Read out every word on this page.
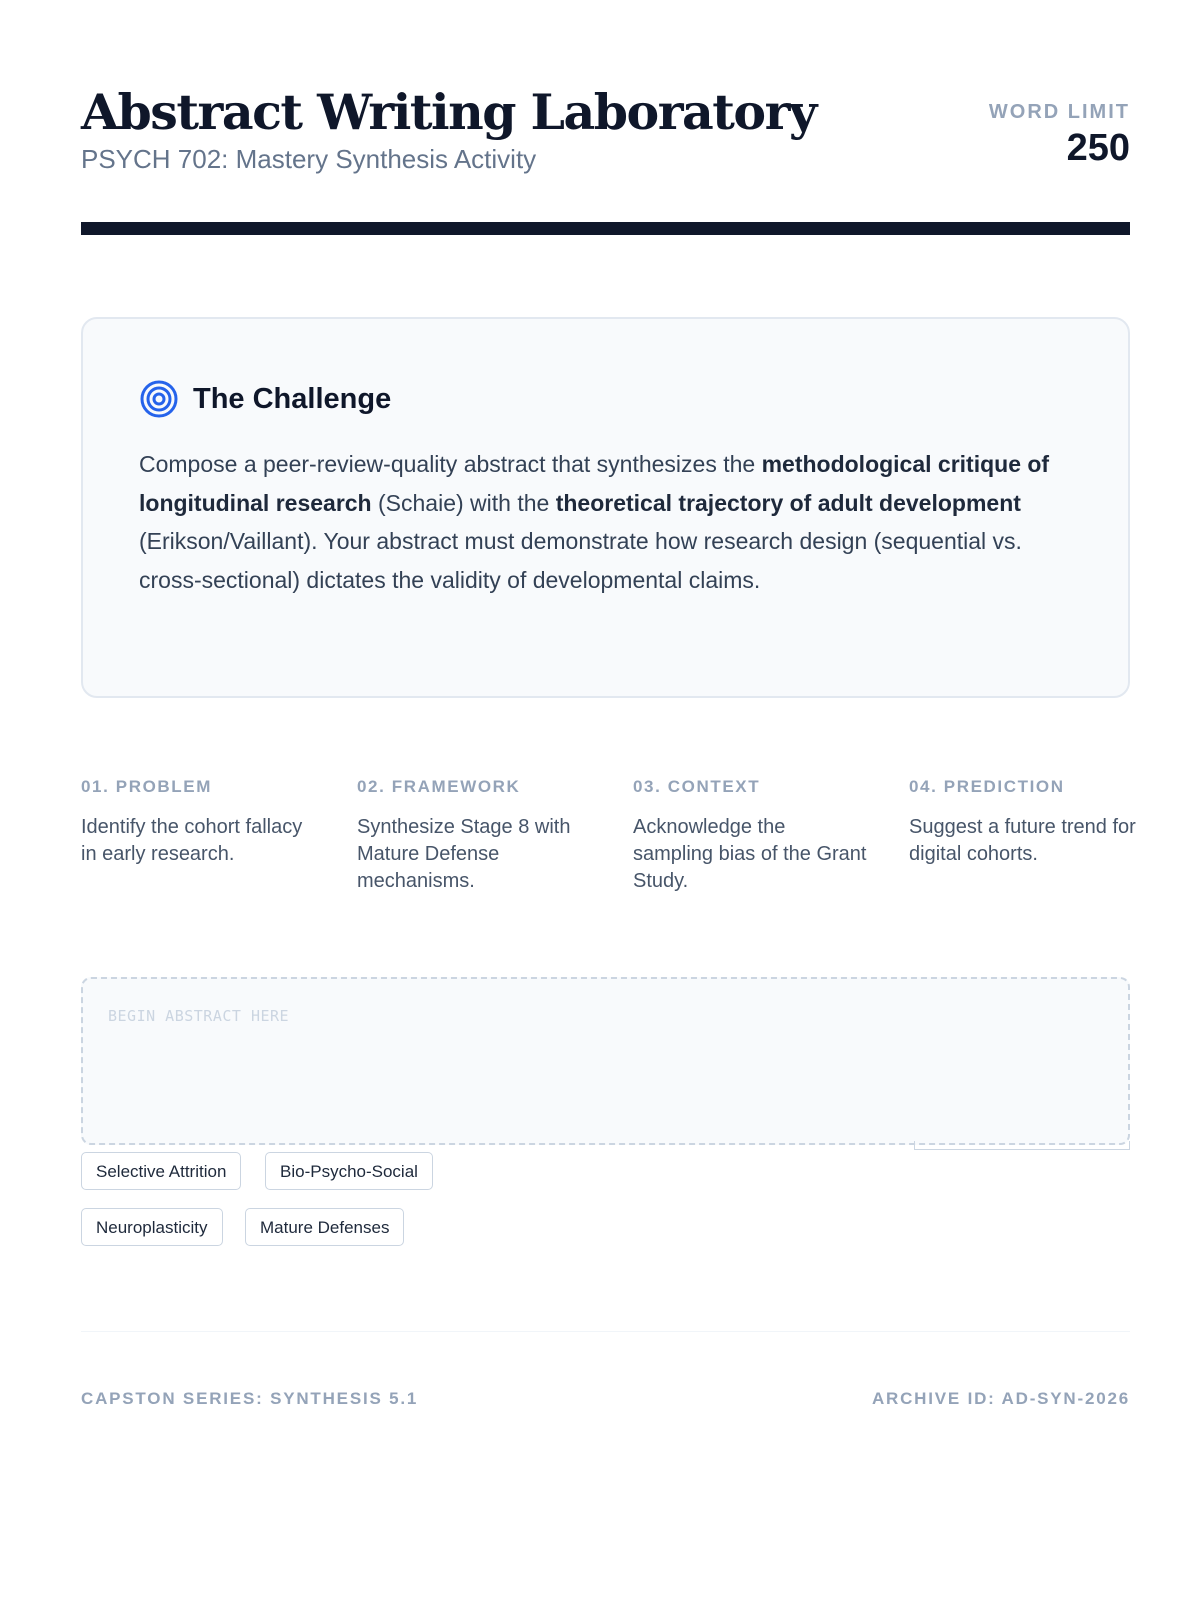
Abstract Writing Laboratory
PSYCH 702: Mastery Synthesis Activity
WORD LIMIT
250
The Challenge
Compose a peer-review-quality abstract that synthesizes the methodological critique of longitudinal research (Schaie) with the theoretical trajectory of adult development (Erikson/Vaillant). Your abstract must demonstrate how research design (sequential vs. cross-sectional) dictates the validity of developmental claims.
01. PROBLEM
Identify the cohort fallacy in early research.
02. FRAMEWORK
Synthesize Stage 8 with Mature Defense mechanisms.
03. CONTEXT
Acknowledge the sampling bias of the Grant Study.
04. PREDICTION
Suggest a future trend for digital cohorts.
BEGIN ABSTRACT HERE
Selective Attrition	Bio-Psycho-Social
Neuroplasticity	Mature Defenses
CAPSTON SERIES: SYNTHESIS 5.1	ARCHIVE ID: AD-SYN-2026
